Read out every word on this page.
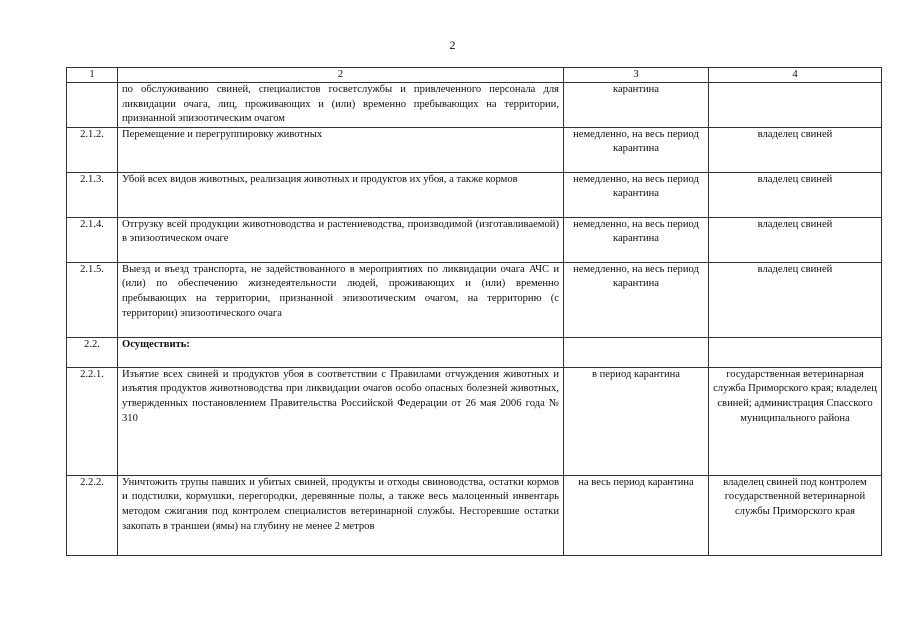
2
1	2	3	4
	по обслуживанию свиней, специалистов госветслужбы и привлеченного персонала для ликвидации очага, лиц, проживающих и (или) временно пребывающих на территории, признанной эпизоотическим очагом	карантина	
2.1.2.	Перемещение и перегруппировку животных	немедленно, на весь период карантина	владелец свиней
2.1.3.	Убой всех видов животных, реализация животных и продуктов их убоя, а также кормов	немедленно, на весь период карантина	владелец свиней
2.1.4.	Отгрузку всей продукции животноводства и растениеводства, производимой (изготавливаемой) в эпизоотическом очаге	немедленно, на весь период карантина	владелец свиней
2.1.5.	Выезд и въезд транспорта, не задействованного в мероприятиях по ликвидации очага АЧС и (или) по обеспечению жизнедеятельности людей, проживающих и (или) временно пребывающих на территории, признанной эпизоотическим очагом, на территорию (с территории) эпизоотического очага	немедленно, на весь период карантина	владелец свиней
2.2.	Осуществить:		
2.2.1.	Изъятие всех свиней и продуктов убоя в соответствии с Правилами отчуждения животных и изъятия продуктов животноводства при ликвидации очагов особо опасных болезней животных, утвержденных постановлением Правительства Российской Федерации от 26 мая 2006 года № 310	в период карантина	государственная ветеринарная служба Приморского края; владелец свиней; администрация Спасского муниципального района
2.2.2.	Уничтожить трупы павших и убитых свиней, продукты и отходы свиноводства, остатки кормов и подстилки, кормушки, перегородки, деревянные полы, а также весь малоценный инвентарь методом сжигания под контролем специалистов ветеринарной службы. Несгоревшие остатки закопать в траншеи (ямы) на глубину не менее 2 метров	на весь период карантина	владелец свиней под контролем государственной ветеринарной службы Приморского края
